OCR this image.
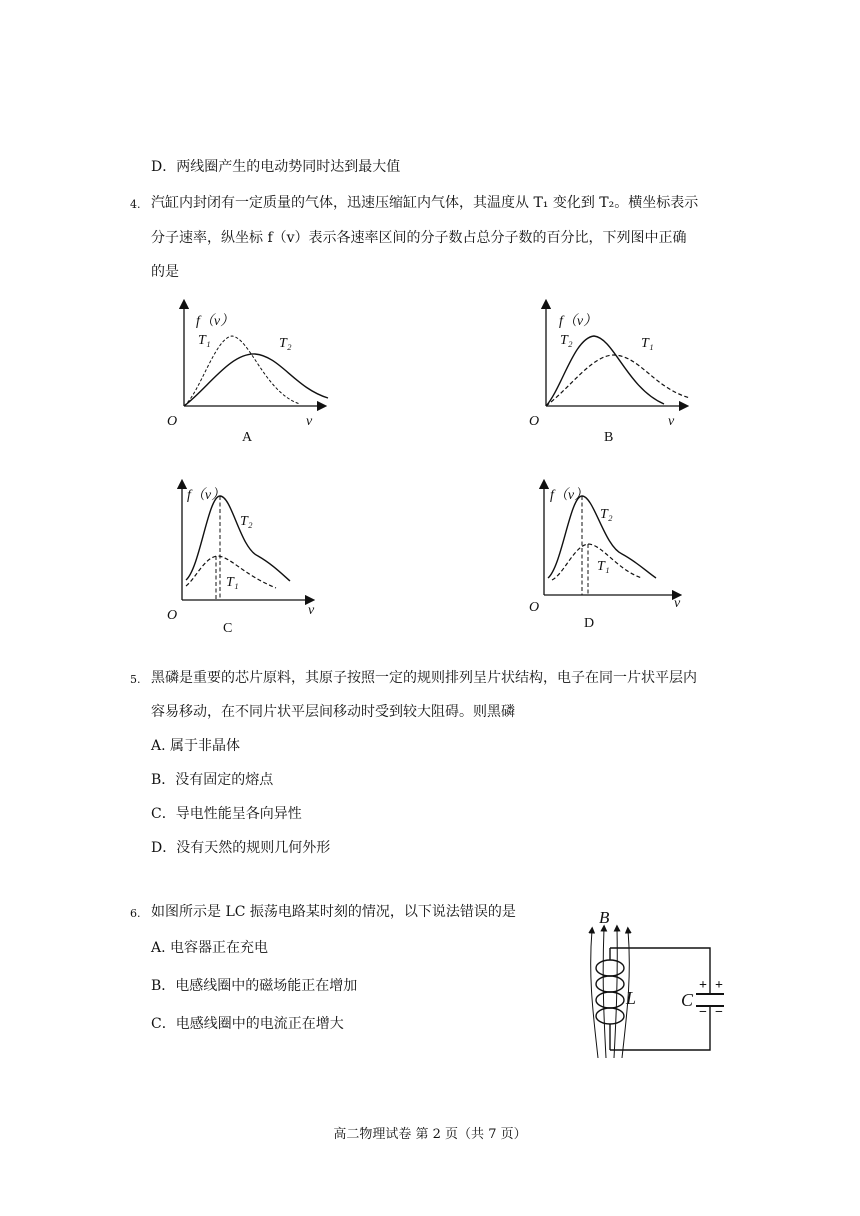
D．两线圈产生的电动势同时达到最大值
4. 汽缸内封闭有一定质量的气体，迅速压缩缸内气体，其温度从 T₁ 变化到 T₂。横坐标表示
分子速率，纵坐标 f（v）表示各速率区间的分子数占总分子数的百分比，下列图中正确
的是
f（v）
T₁	T₂
O	v
A
f（v）
T₂	T₁
O	v
B
f（v）
T₂
T₁
O	v
C
f（v）
T₂
T₁
O	v
D
5. 黑磷是重要的芯片原料，其原子按照一定的规则排列呈片状结构，电子在同一片状平层内
容易移动，在不同片状平层间移动时受到较大阻碍。则黑磷
A. 属于非晶体
B．没有固定的熔点
C．导电性能呈各向异性
D．没有天然的规则几何外形
6. 如图所示是 LC 振荡电路某时刻的情况，以下说法错误的是
A. 电容器正在充电
B．电感线圈中的磁场能正在增加
C．电感线圈中的电流正在增大
B
L C
+ +
− −
高二物理试卷 第 2 页（共 7 页）
